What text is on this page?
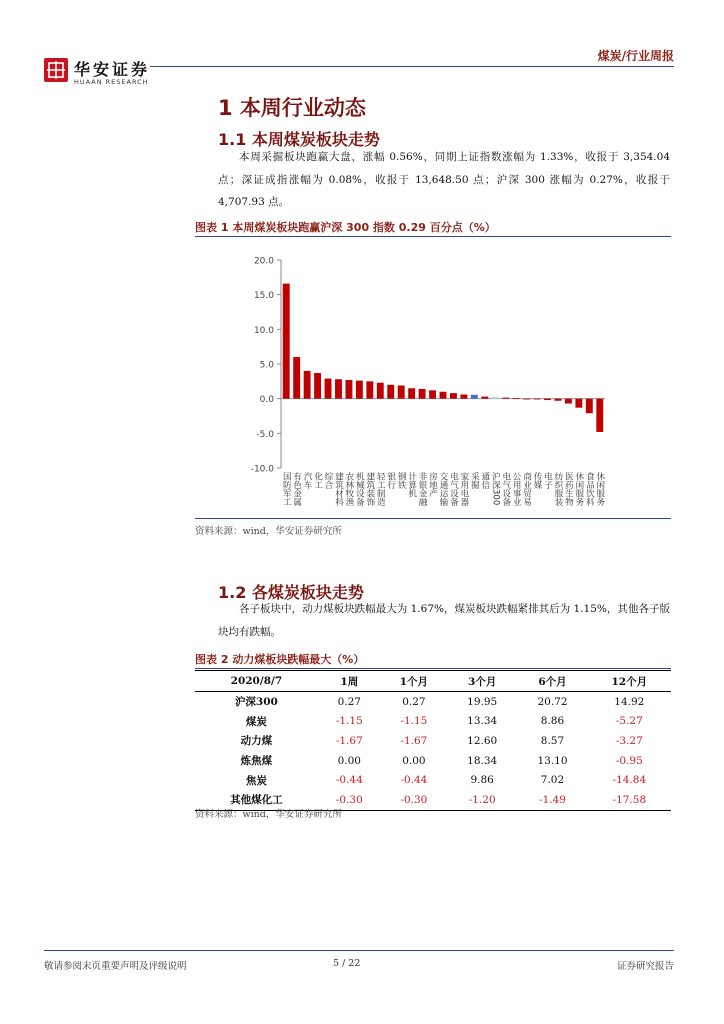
华安证券
HUAAN RESEARCH
煤炭/行业周报
1 本周行业动态
1.1 本周煤炭板块走势
本周采掘板块跑赢大盘，涨幅 0.56%，同期上证指数涨幅为 1.33%，收报于 3,354.04 点；深证成指涨幅为 0.08%，收报于 13,648.50 点；沪深 300 涨幅为 0.27%，收报于 4,707.93 点。
图表 1 本周煤炭板块跑赢沪深 300 指数 0.29 百分点（%）
20.0
15.0
10.0
5.0
0.0
-5.0
-10.0
国防军工 有色金属 汽车 化工 综合 建筑材料 农林牧渔 机械设备 建筑装饰 轻工制造 银行 钢铁 计算机 非银金融 房地产 交通运输 电气设备 家用电器 采掘 通信 沪深300 电气设备 公用事业 商业贸易 传媒 电子 纺织服装 医药生物 休闲服务 食品饮料 休闲服务
资料来源：wind，华安证券研究所
1.2 各煤炭板块走势
各子板块中，动力煤板块跌幅最大为 1.67%，煤炭板块跌幅紧排其后为 1.15%，其他各子版块均有跌幅。
图表 2 动力煤板块跌幅最大（%）
2020/8/7	1周	1个月	3个月	6个月	12个月
沪深300	0.27	0.27	19.95	20.72	14.92
煤炭	-1.15	-1.15	13.34	8.86	-5.27
动力煤	-1.67	-1.67	12.60	8.57	-3.27
炼焦煤	0.00	0.00	18.34	13.10	-0.95
焦炭	-0.44	-0.44	9.86	7.02	-14.84
其他煤化工	-0.30	-0.30	-1.20	-1.49	-17.58
资料来源：wind，华安证券研究所
敬请参阅末页重要声明及评级说明	5 / 22	证券研究报告
